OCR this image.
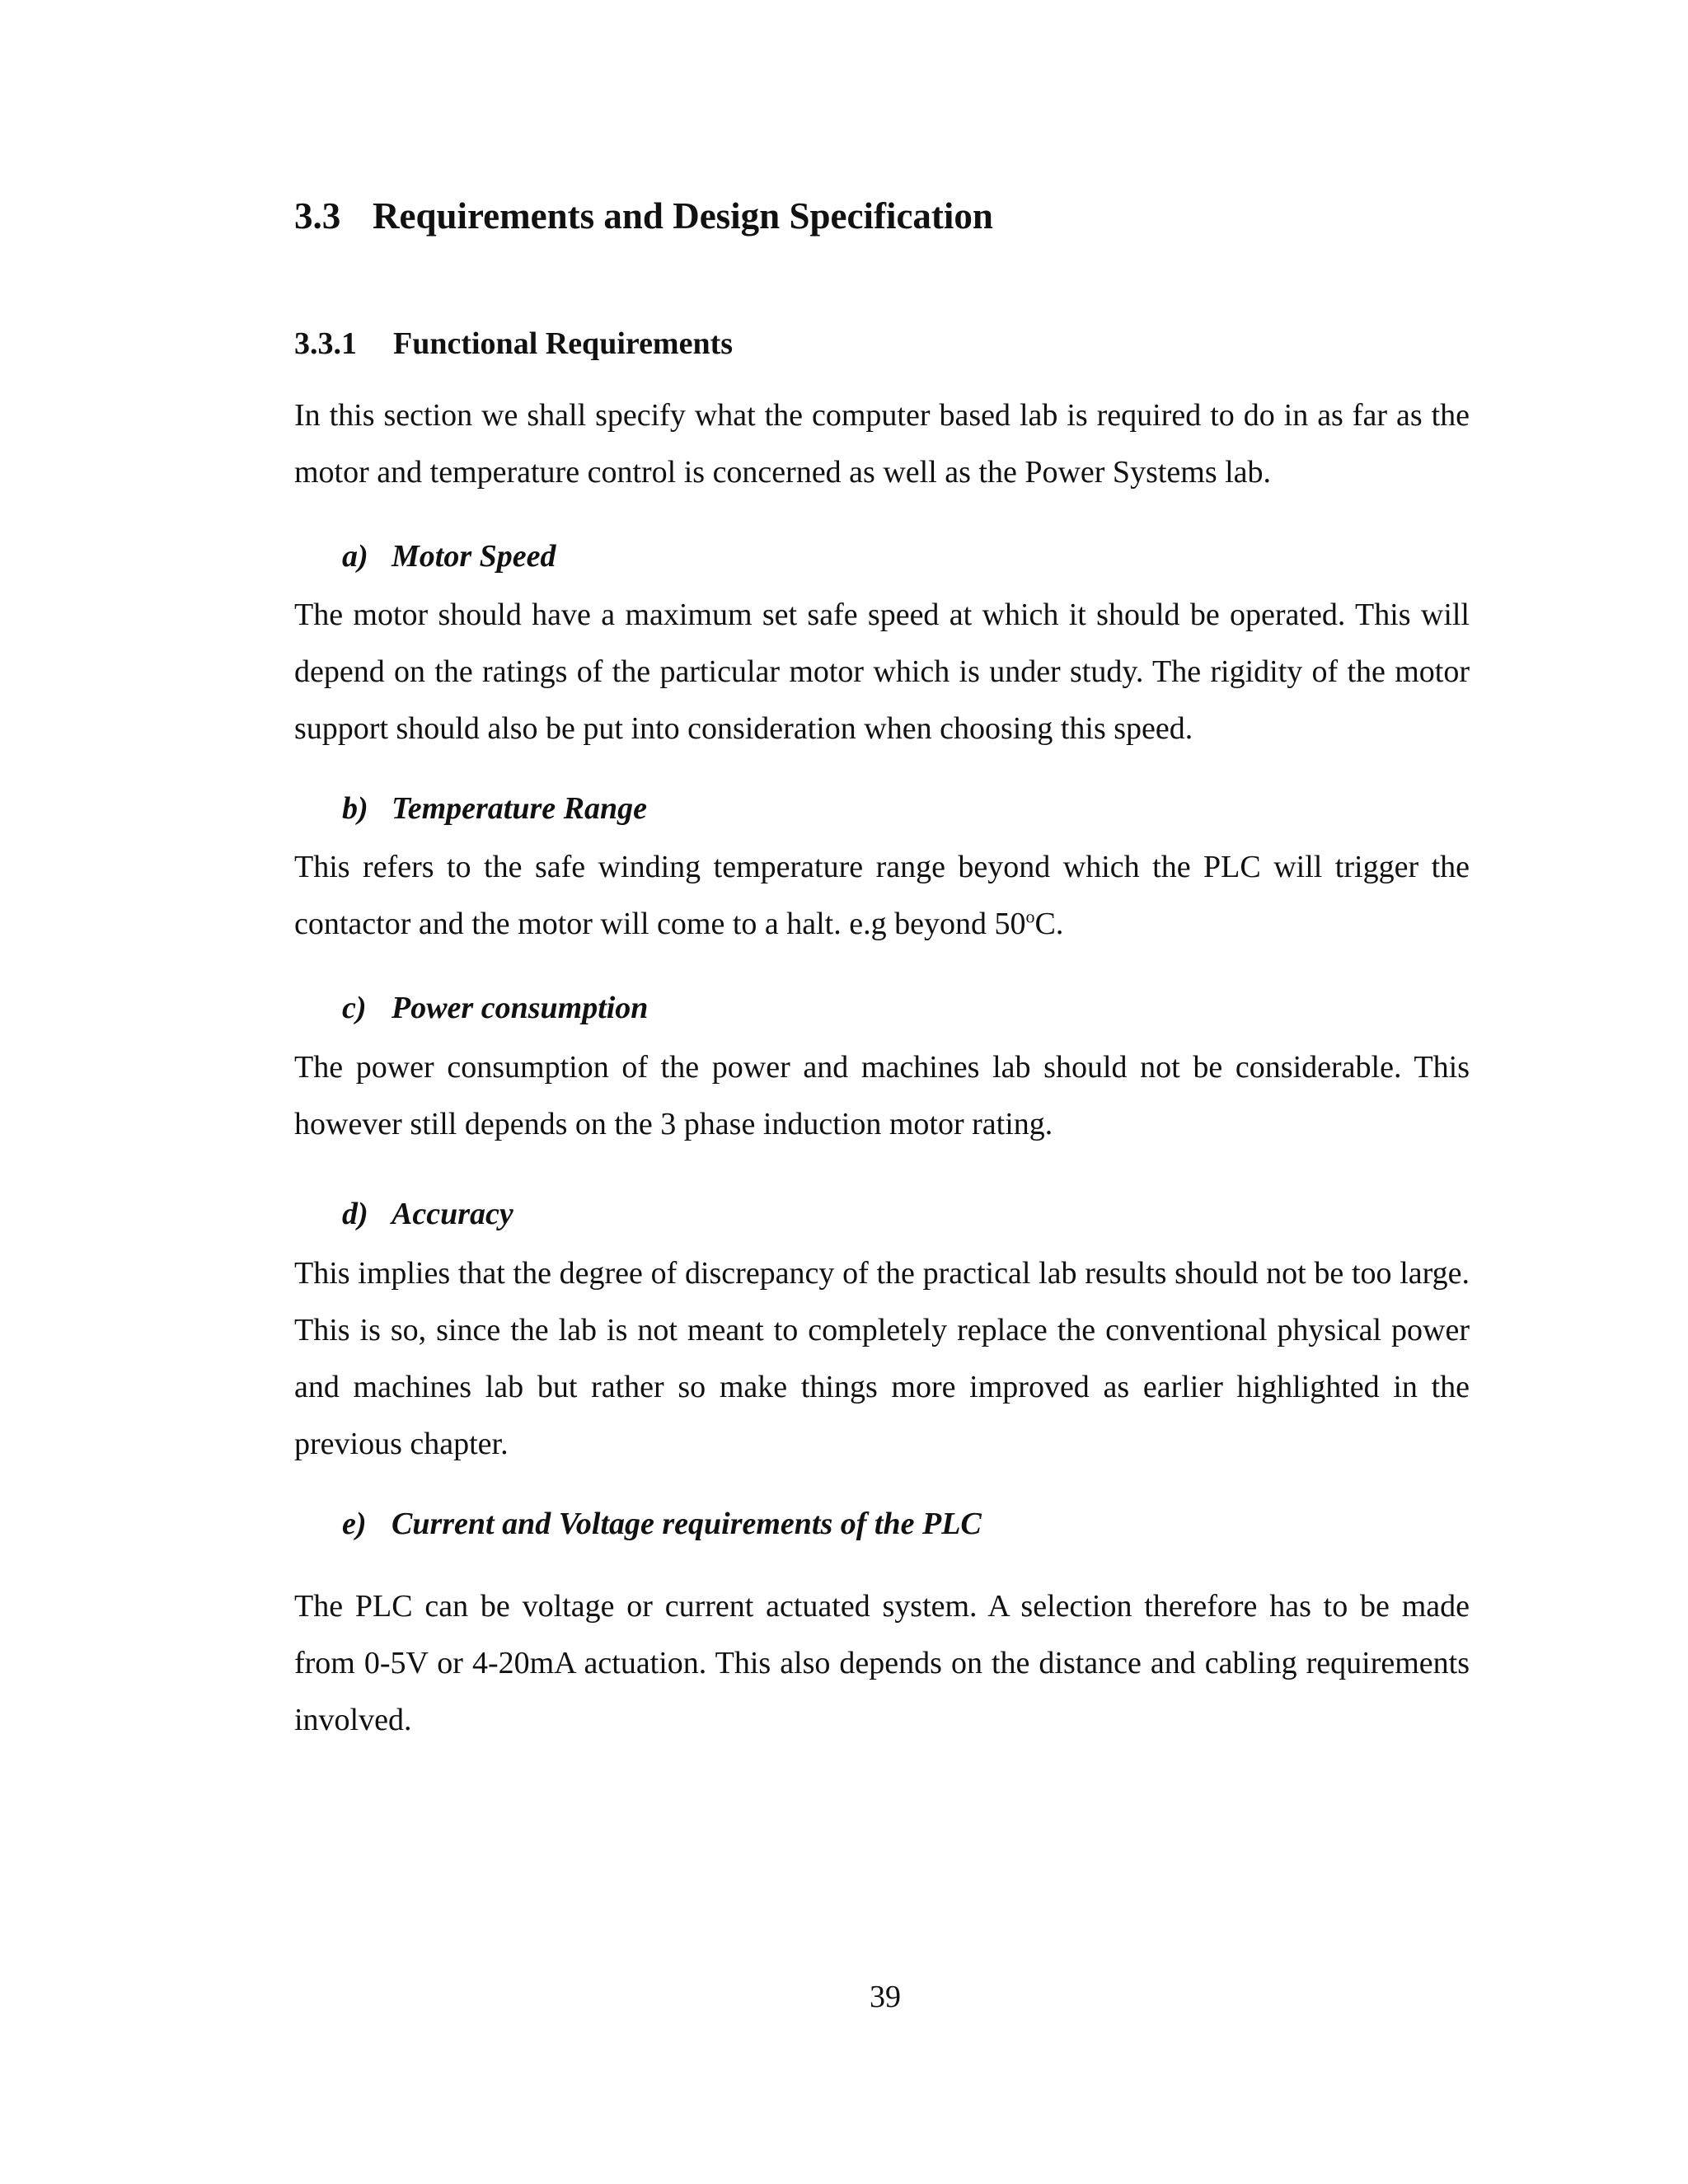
3.3 Requirements and Design Specification
3.3.1 Functional Requirements

In this section we shall specify what the computer based lab is required to do in as far as the motor and temperature control is concerned as well as the Power Systems lab.

a) Motor Speed

The motor should have a maximum set safe speed at which it should be operated. This will depend on the ratings of the particular motor which is under study. The rigidity of the motor support should also be put into consideration when choosing this speed.

b) Temperature Range

This refers to the safe winding temperature range beyond which the PLC will trigger the contactor and the motor will come to a halt. e.g beyond 50$^o$C.

c) Power consumption

The power consumption of the power and machines lab should not be considerable. This however still depends on the 3 phase induction motor rating.

d) Accuracy

This implies that the degree of discrepancy of the practical lab results should not be too large. This is so, since the lab is not meant to completely replace the conventional physical power and machines lab but rather so make things more improved as earlier highlighted in the previous chapter.

e) Current and Voltage requirements of the PLC

The PLC can be voltage or current actuated system. A selection therefore has to be made from 0-5V or 4-20mA actuation. This also depends on the distance and cabling requirements involved.

39
